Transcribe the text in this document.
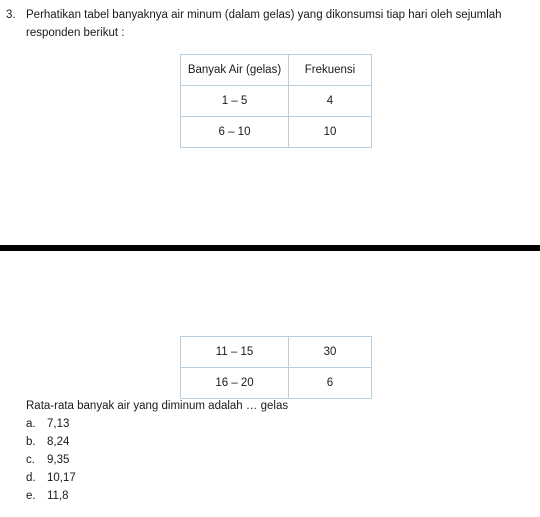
3. Perhatikan tabel banyaknya air minum (dalam gelas) yang dikonsumsi tiap hari oleh sejumlah
responden berikut :
Banyak Air (gelas)	Frekuensi
1 – 5	4
6 – 10	10
11 – 15	30
16 – 20	6
Rata-rata banyak air yang diminum adalah … gelas
a. 7,13
b. 8,24
c. 9,35
d. 10,17
e. 11,8
